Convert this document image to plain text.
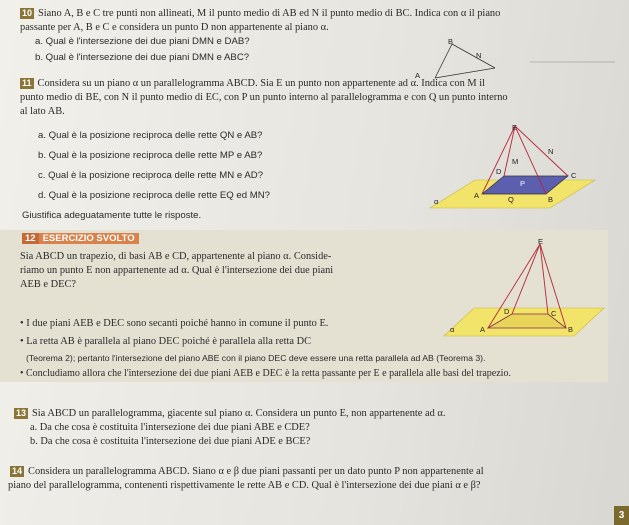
10 Siano A, B e C tre punti non allineati, M il punto medio di AB ed N il punto medio di BC. Indica con α il piano
passante per A, B e C e considera un punto D non appartenente al piano α.
a. Qual è l'intersezione dei due piani DMN e DAB?
b. Qual è l'intersezione dei due piani DMN e ABC?
B
N
A
11 Considera su un piano α un parallelogramma ABCD. Sia E un punto non appartenente ad α. Indica con M il
punto medio di BE, con N il punto medio di EC, con P un punto interno al parallelogramma e con Q un punto interno
al lato AB.
a. Qual è la posizione reciproca delle rette QN e AB?
b. Qual è la posizione reciproca delle rette MP e AB?
c. Qual è la posizione reciproca delle rette MN e AD?
d. Qual è la posizione reciproca delle rette EQ ed MN?
Giustifica adeguatamente tutte le risposte.
E
N
M
C
D
P
A	Q	B
α
12 ESERCIZIO SVOLTO
Sia ABCD un trapezio, di basi AB e CD, appartenente al piano α. Conside-
riamo un punto E non appartenente ad α. Qual è l'intersezione dei due piani
AEB e DEC?
• I due piani AEB e DEC sono secanti poiché hanno in comune il punto E.
• La retta AB è parallela al piano DEC poiché è parallela alla retta DC
(Teorema 2); pertanto l'intersezione del piano ABE con il piano DEC deve essere una retta parallela ad AB (Teorema 3).
• Concludiamo allora che l'intersezione dei due piani AEB e DEC è la retta passante per E e parallela alle basi del trapezio.
E
D	C
A	B
α
13 Sia ABCD un parallelogramma, giacente sul piano α. Considera un punto E, non appartenente ad α.
a. Da che cosa è costituita l'intersezione dei due piani ABE e CDE?
b. Da che cosa è costituita l'intersezione dei due piani ADE e BCE?
14 Considera un parallelogramma ABCD. Siano α e β due piani passanti per un dato punto P non appartenente al
piano del parallelogramma, contenenti rispettivamente le rette AB e CD. Qual è l'intersezione dei due piani α e β?
3
